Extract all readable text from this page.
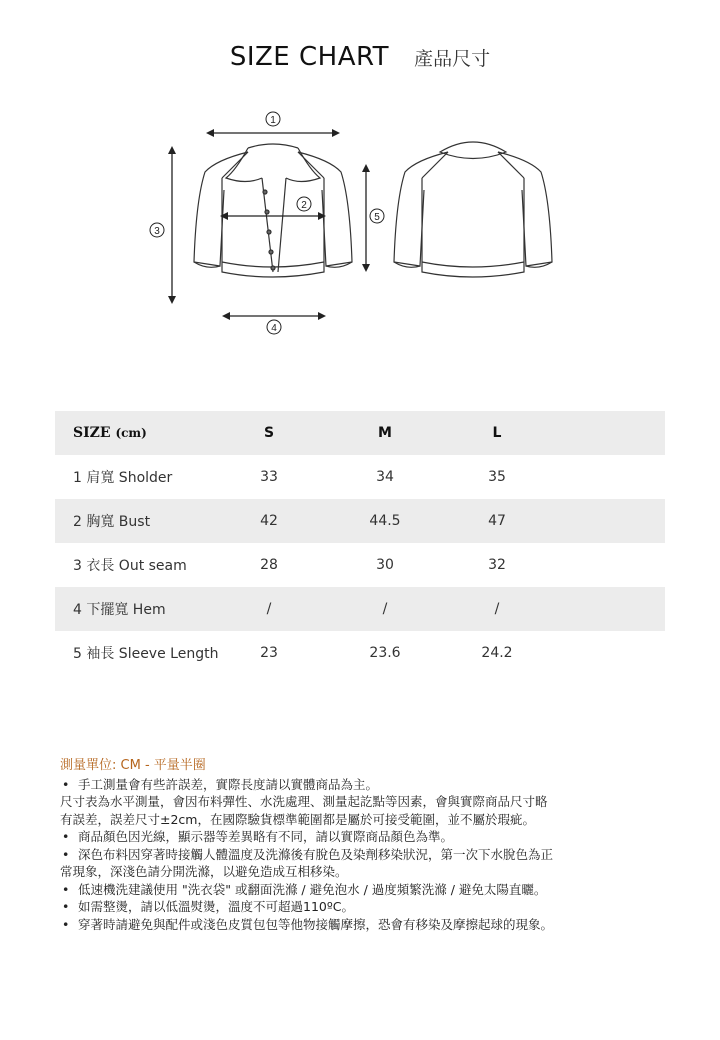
SIZE CHART 產品尺寸
1
2
3
4
5
SIZE
(cm)	S	M	L
1 肩寬 Sholder	33	34	35
2 胸寬 Bust	42	44.5	47
3 衣長 Out seam	28	30	32
4 下擺寬 Hem	/	/	/
5 袖長 Sleeve Length	23	23.6	24.2
測量單位: CM - 平量半圈
• 手工測量會有些許誤差，實際長度請以實體商品為主。
尺寸表為水平測量，會因布料彈性、水洗處理、測量起訖點等因素，會與實際商品尺寸略
有誤差，誤差尺寸±2cm，在國際驗貨標準範圍都是屬於可接受範圍，並不屬於瑕疵。
• 商品顏色因光線，顯示器等差異略有不同，請以實際商品顏色為準。
• 深色布料因穿著時接觸人體溫度及洗滌後有脫色及染劑移染狀況，第一次下水脫色為正
常現象，深淺色請分開洗滌，以避免造成互相移染。
• 低速機洗建議使用 "洗衣袋" 或翻面洗滌 / 避免泡水 / 過度頻繁洗滌 / 避免太陽直曬。
• 如需整燙，請以低溫熨燙，溫度不可超過110ºC。
• 穿著時請避免與配件或淺色皮質包包等他物接觸摩擦，恐會有移染及摩擦起球的現象。
